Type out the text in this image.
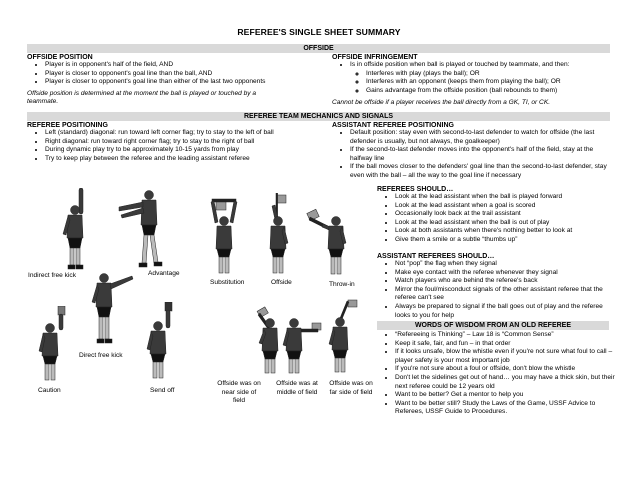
REFEREE'S SINGLE SHEET SUMMARY
OFFSIDE
OFFSIDE POSITION
• Player is in opponent's half of the field, AND
• Player is closer to opponent's goal line than the ball, AND
• Player is closer to opponent's goal line than either of the last two opponents
Offside position is determined at the moment the ball is played or touched by a teammate.
OFFSIDE INFRINGEMENT
• Is in offside position when ball is played or touched by teammate, and then:
◦ Interferes with play (plays the ball); OR
◦ Interferes with an opponent (keeps them from playing the ball); OR
◦ Gains advantage from the offside position (ball rebounds to them)
Cannot be offside if a player receives the ball directly from a GK, TI, or CK.
REFEREE TEAM MECHANICS AND SIGNALS
REFEREE POSITIONING
• Left (standard) diagonal: run toward left corner flag; try to stay to the left of ball
• Right diagonal: run toward right corner flag; try to stay to the right of ball
• During dynamic play try to be approximately 10-15 yards from play
• Try to keep play between the referee and the leading assistant referee
ASSISTANT REFEREE POSITIONING
• Default position: stay even with second-to-last defender to watch for offside (the last defender is usually, but not always, the goalkeeper)
• If the second-to-last defender moves into the opponent's half of the field, stay at the halfway line
• If the ball moves closer to the defenders' goal line than the second-to-last defender, stay even with the ball – all the way to the goal line if necessary
REFEREES SHOULD…
• Look at the lead assistant when the ball is played forward
• Look at the lead assistant when a goal is scored
• Occasionally look back at the trail assistant
• Look at the lead assistant when the ball is out of play
• Look at both assistants when there's nothing better to look at
• Give them a smile or a subtle “thumbs up”
ASSISTANT REFEREES SHOULD…
• Not “pop” the flag when they signal
• Make eye contact with the referee whenever they signal
• Watch players who are behind the referee's back
• Mirror the foul/misconduct signals of the other assistant referee that the referee can't see
• Always be prepared to signal if the ball goes out of play and the referee looks to you for help
WORDS OF WISDOM FROM AN OLD REFEREE
• “Refereeing is Thinking” – Law 18 is “Common Sense”
• Keep it safe, fair, and fun – in that order
• If it looks unsafe, blow the whistle even if you're not sure what foul to call – player safety is your most important job
• If you're not sure about a foul or offside, don't blow the whistle
• Don't let the sidelines get out of hand… you may have a thick skin, but their next referee could be 12 years old
• Want to be better? Get a mentor to help you
• Want to be better still? Study the Laws of the Game, USSF Advice to Referees, USSF Guide to Procedures.
Indirect free kick	Advantage
Direct free kick
Caution	Send off
Substitution	Offside	Throw-in
Offside was on near side of field
Offside was at middle of field
Offside was on far side of field
